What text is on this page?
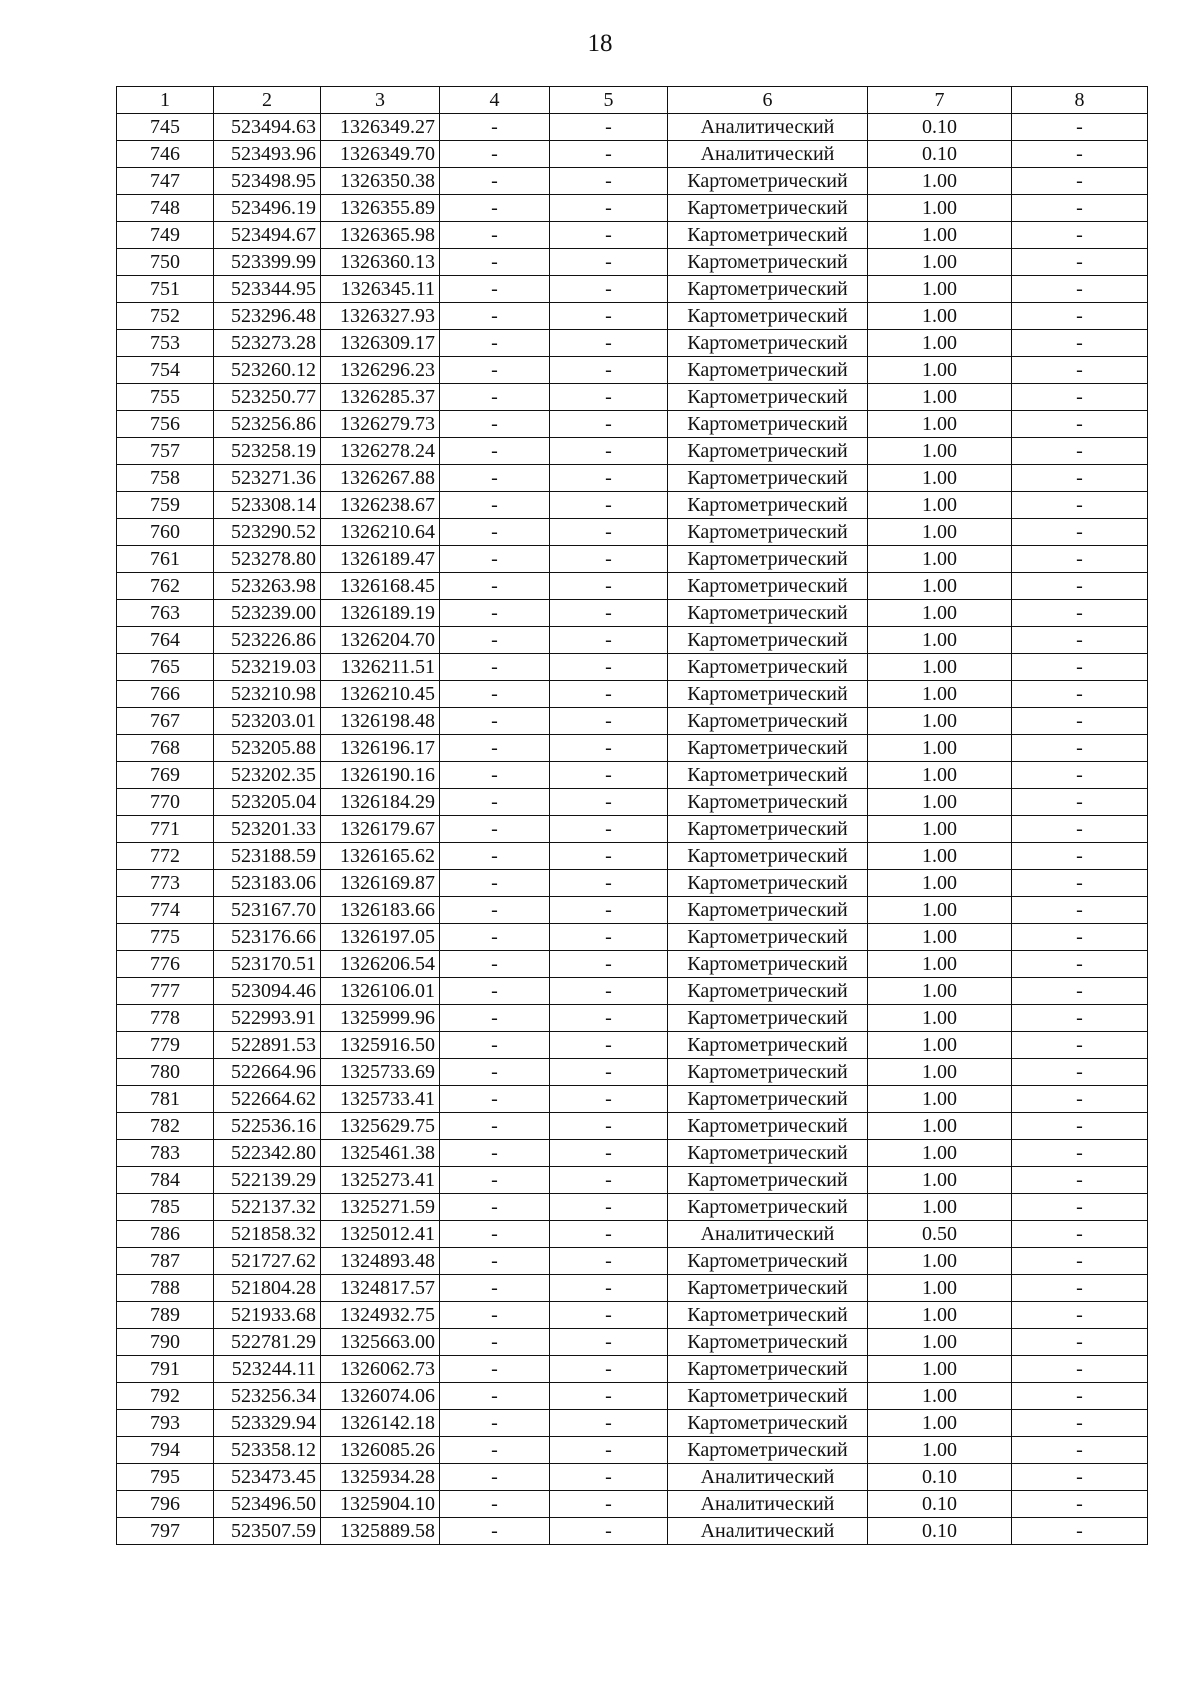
18
1	2	3	4	5	6	7	8
745	523494.63	1326349.27	-	-	Аналитический	0.10	-
746	523493.96	1326349.70	-	-	Аналитический	0.10	-
747	523498.95	1326350.38	-	-	Картометрический	1.00	-
748	523496.19	1326355.89	-	-	Картометрический	1.00	-
749	523494.67	1326365.98	-	-	Картометрический	1.00	-
750	523399.99	1326360.13	-	-	Картометрический	1.00	-
751	523344.95	1326345.11	-	-	Картометрический	1.00	-
752	523296.48	1326327.93	-	-	Картометрический	1.00	-
753	523273.28	1326309.17	-	-	Картометрический	1.00	-
754	523260.12	1326296.23	-	-	Картометрический	1.00	-
755	523250.77	1326285.37	-	-	Картометрический	1.00	-
756	523256.86	1326279.73	-	-	Картометрический	1.00	-
757	523258.19	1326278.24	-	-	Картометрический	1.00	-
758	523271.36	1326267.88	-	-	Картометрический	1.00	-
759	523308.14	1326238.67	-	-	Картометрический	1.00	-
760	523290.52	1326210.64	-	-	Картометрический	1.00	-
761	523278.80	1326189.47	-	-	Картометрический	1.00	-
762	523263.98	1326168.45	-	-	Картометрический	1.00	-
763	523239.00	1326189.19	-	-	Картометрический	1.00	-
764	523226.86	1326204.70	-	-	Картометрический	1.00	-
765	523219.03	1326211.51	-	-	Картометрический	1.00	-
766	523210.98	1326210.45	-	-	Картометрический	1.00	-
767	523203.01	1326198.48	-	-	Картометрический	1.00	-
768	523205.88	1326196.17	-	-	Картометрический	1.00	-
769	523202.35	1326190.16	-	-	Картометрический	1.00	-
770	523205.04	1326184.29	-	-	Картометрический	1.00	-
771	523201.33	1326179.67	-	-	Картометрический	1.00	-
772	523188.59	1326165.62	-	-	Картометрический	1.00	-
773	523183.06	1326169.87	-	-	Картометрический	1.00	-
774	523167.70	1326183.66	-	-	Картометрический	1.00	-
775	523176.66	1326197.05	-	-	Картометрический	1.00	-
776	523170.51	1326206.54	-	-	Картометрический	1.00	-
777	523094.46	1326106.01	-	-	Картометрический	1.00	-
778	522993.91	1325999.96	-	-	Картометрический	1.00	-
779	522891.53	1325916.50	-	-	Картометрический	1.00	-
780	522664.96	1325733.69	-	-	Картометрический	1.00	-
781	522664.62	1325733.41	-	-	Картометрический	1.00	-
782	522536.16	1325629.75	-	-	Картометрический	1.00	-
783	522342.80	1325461.38	-	-	Картометрический	1.00	-
784	522139.29	1325273.41	-	-	Картометрический	1.00	-
785	522137.32	1325271.59	-	-	Картометрический	1.00	-
786	521858.32	1325012.41	-	-	Аналитический	0.50	-
787	521727.62	1324893.48	-	-	Картометрический	1.00	-
788	521804.28	1324817.57	-	-	Картометрический	1.00	-
789	521933.68	1324932.75	-	-	Картометрический	1.00	-
790	522781.29	1325663.00	-	-	Картометрический	1.00	-
791	523244.11	1326062.73	-	-	Картометрический	1.00	-
792	523256.34	1326074.06	-	-	Картометрический	1.00	-
793	523329.94	1326142.18	-	-	Картометрический	1.00	-
794	523358.12	1326085.26	-	-	Картометрический	1.00	-
795	523473.45	1325934.28	-	-	Аналитический	0.10	-
796	523496.50	1325904.10	-	-	Аналитический	0.10	-
797	523507.59	1325889.58	-	-	Аналитический	0.10	-
